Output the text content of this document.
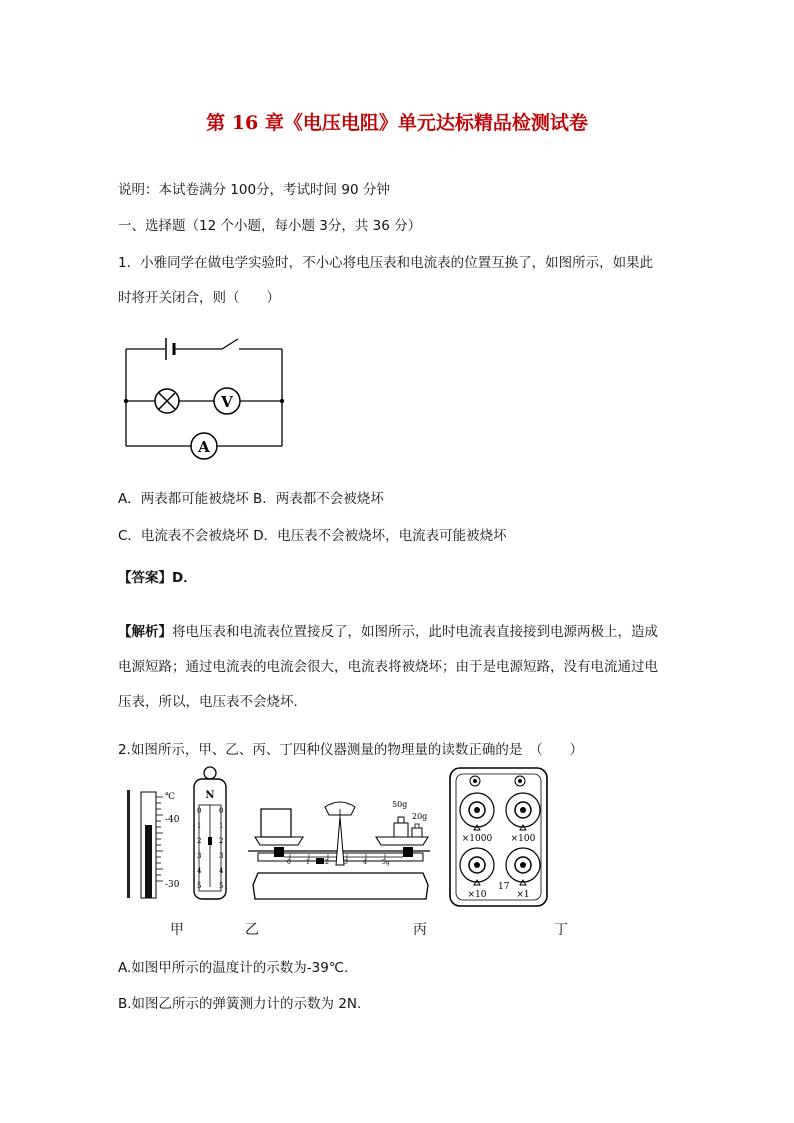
第 16 章《电压电阻》单元达标精品检测试卷
说明：本试卷满分 100分，考试时间 90 分钟
一、选择题（12 个小题，每小题 3分，共 36 分）
1．小雅同学在做电学实验时，不小心将电压表和电流表的位置互换了，如图所示，如果此
时将开关闭合，则（　　）
V
A
A．两表都可能被烧坏 B．两表都不会被烧坏
C．电流表不会被烧坏 D．电压表不会被烧坏，电流表可能被烧坏
【答案】D．
【解析】将电压表和电流表位置接反了，如图所示，此时电流表直接接到电源两极上，造成
电源短路；通过电流表的电流会很大，电流表将被烧坏；由于是电源短路，没有电流通过电
压表，所以，电压表不会烧坏．
2.如图所示，甲、乙、丙、丁四种仪器测量的物理量的读数正确的是　（　　）
℃
-40
-30
N
0
1
2
3
4
5
0
1
2
3
4
5
0	1	2	3	4	5g
50g
20g
×1000 ×100
×10	×1
17
甲	乙	丙	丁
A.如图甲所示的温度计的示数为-39℃.
B.如图乙所示的弹簧测力计的示数为 2N.
